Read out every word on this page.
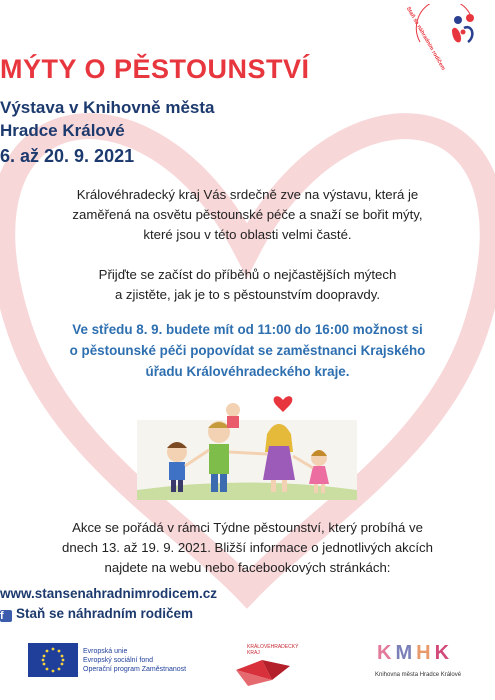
Staň se náhradním rodičem
MÝTY O PĚSTOUNSTVÍ
Výstava v Knihovně města
Hradce Králové
6. až 20. 9. 2021
Královéhradecký kraj Vás srdečně zve na výstavu, která je
zaměřená na osvětu pěstounské péče a snaží se bořit mýty,
které jsou v této oblasti velmi časté.
Přijďte se začíst do příběhů o nejčastějších mýtech
a zjistěte, jak je to s pěstounstvím doopravdy.
Ve středu 8. 9. budete mít od 11:00 do 16:00 možnost si
o pěstounské péči popovídat se zaměstnanci Krajského
úřadu Královéhradeckého kraje.
Akce se pořádá v rámci Týdne pěstounství, který probíhá ve
dnech 13. až 19. 9. 2021. Bližší informace o jednotlivých akcích
najdete na webu nebo facebookových stránkách:
www.stansenahradnimrodicem.cz
f Staň se náhradním rodičem
Evropská unie
Evropský sociální fond
Operační program Zaměstnanost
KRÁLOVÉHRADECKÝ
KRAJ	KMHK
Knihovna města Hradce Králové
